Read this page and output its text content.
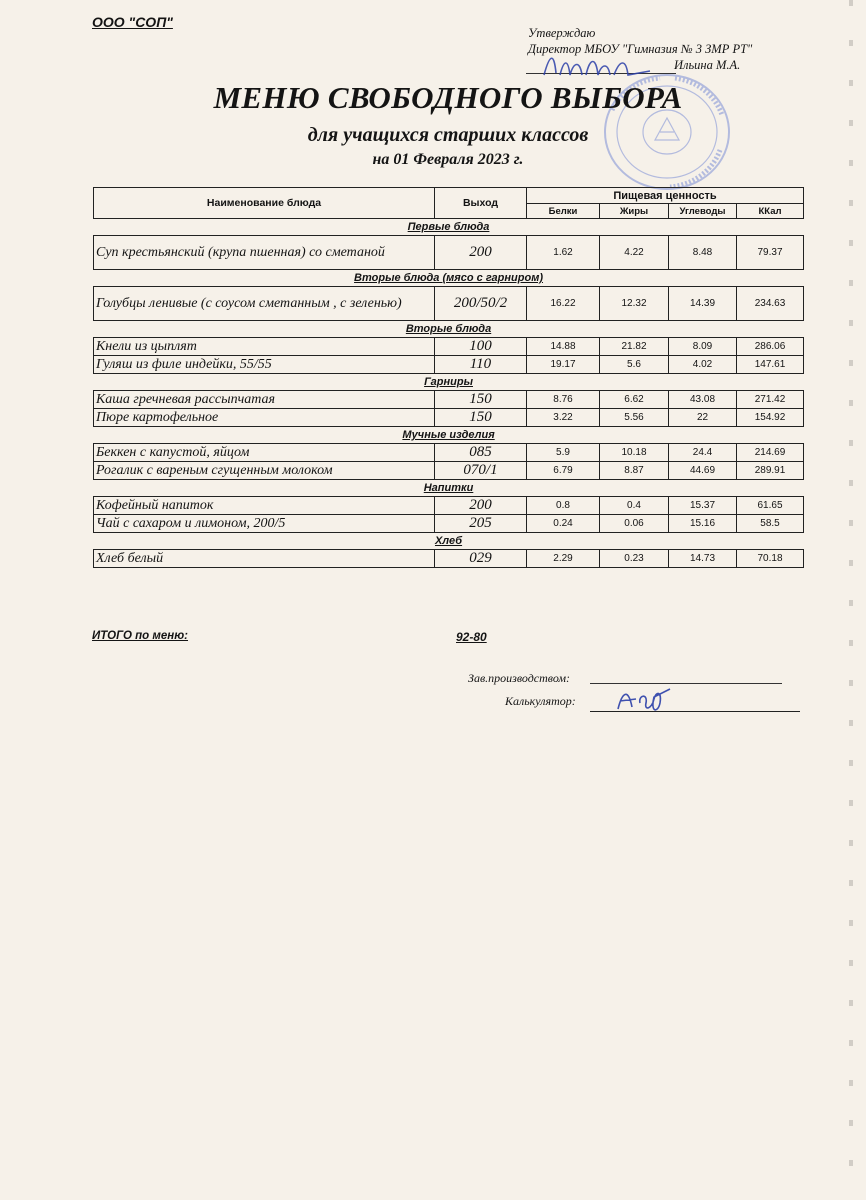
ООО "СОП"
Утверждаю
Директор МБОУ "Гимназия № 3 ЗМР РТ"
Ильина М.А.
МЕНЮ СВОБОДНОГО ВЫБОРА
для учащихся старших классов
на 01 Февраля 2023 г.
Наименование блюда	Выход	Пищевая ценность			
		Белки	Жиры	Углеводы	ККал
Первые блюда					
Суп крестьянский (крупа пшенная) со сметаной	200	1.62	4.22	8.48	79.37
Вторые блюда (мясо с гарниром)					
Голубцы ленивые (с соусом сметанным , с зеленью)	200/50/2	16.22	12.32	14.39	234.63
Вторые блюда					
Кнели из цыплят	100	14.88	21.82	8.09	286.06
Гуляш из филе индейки, 55/55	110	19.17	5.6	4.02	147.61
Гарниры					
Каша гречневая рассыпчатая	150	8.76	6.62	43.08	271.42
Пюре картофельное	150	3.22	5.56	22	154.92
Мучные изделия					
Беккен с капустой, яйцом	085	5.9	10.18	24.4	214.69
Рогалик с вареным сгущенным молоком	070/1	6.79	8.87	44.69	289.91
Напитки					
Кофейный напиток	200	0.8	0.4	15.37	61.65
Чай с сахаром и лимоном, 200/5	205	0.24	0.06	15.16	58.5
Хлеб					
Хлеб белый	029	2.29	0.23	14.73	70.18
ИТОГО по меню:	92-80
Зав.производством:
Калькулятор:
